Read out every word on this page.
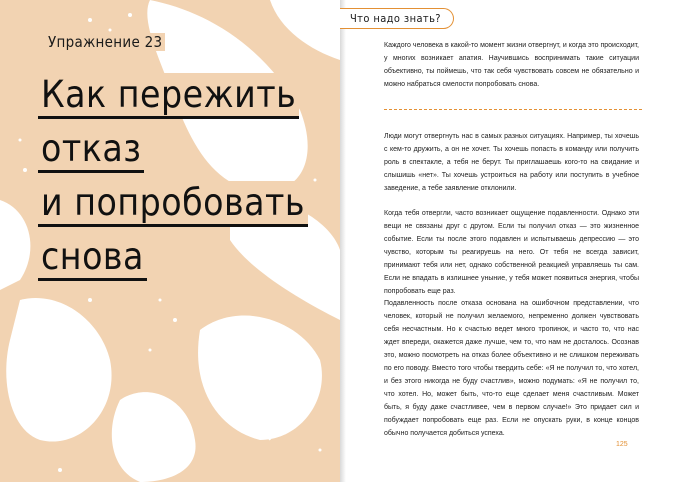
Упражнение 23
Как пережить
отказ
и попробовать
снова
Что надо знать?
Каждого человека в какой-то момент жизни отвергнут, и когда это происходит, у многих возникает апатия. Научившись воспринимать такие ситуации объективно, ты поймешь, что так себя чувствовать совсем не обязательно и можно набраться смелости попробовать снова.
Люди могут отвергнуть нас в самых разных ситуациях. Например, ты хочешь с кем-то дружить, а он не хочет. Ты хочешь попасть в команду или получить роль в спектакле, а тебя не берут. Ты приглашаешь кого-то на свидание и слышишь «нет». Ты хочешь устроиться на работу или поступить в учебное заведение, а тебе заявление отклонили.
Когда тебя отвергли, часто возникает ощущение подавленности. Однако эти вещи не связаны друг с другом. Если ты получил отказ — это жизненное событие. Если ты после этого подавлен и испытываешь депрессию — это чувство, которым ты реагируешь на него. От тебя не всегда зависит, принимают тебя или нет, однако собственной реакцией управляешь ты сам. Если не впадать в излишнее уныние, у тебя может появиться энергия, чтобы попробовать еще раз.
Подавленность после отказа основана на ошибочном представлении, что человек, который не получил желаемого, непременно должен чувствовать себя несчастным. Но к счастью ведет много тропинок, и часто то, что нас ждет впереди, окажется даже лучше, чем то, что нам не досталось. Осознав это, можно посмотреть на отказ более объективно и не слишком переживать по его поводу. Вместо того чтобы твердить себе: «Я не получил то, что хотел, и без этого никогда не буду счастлив», можно подумать: «Я не получил то, что хотел. Но, может быть, что-то еще сделает меня счастливым. Может быть, я буду даже счастливее, чем в первом случае!» Это придает сил и побуждает попробовать еще раз. Если не опускать руки, в конце концов обычно получается добиться успеха.
125
